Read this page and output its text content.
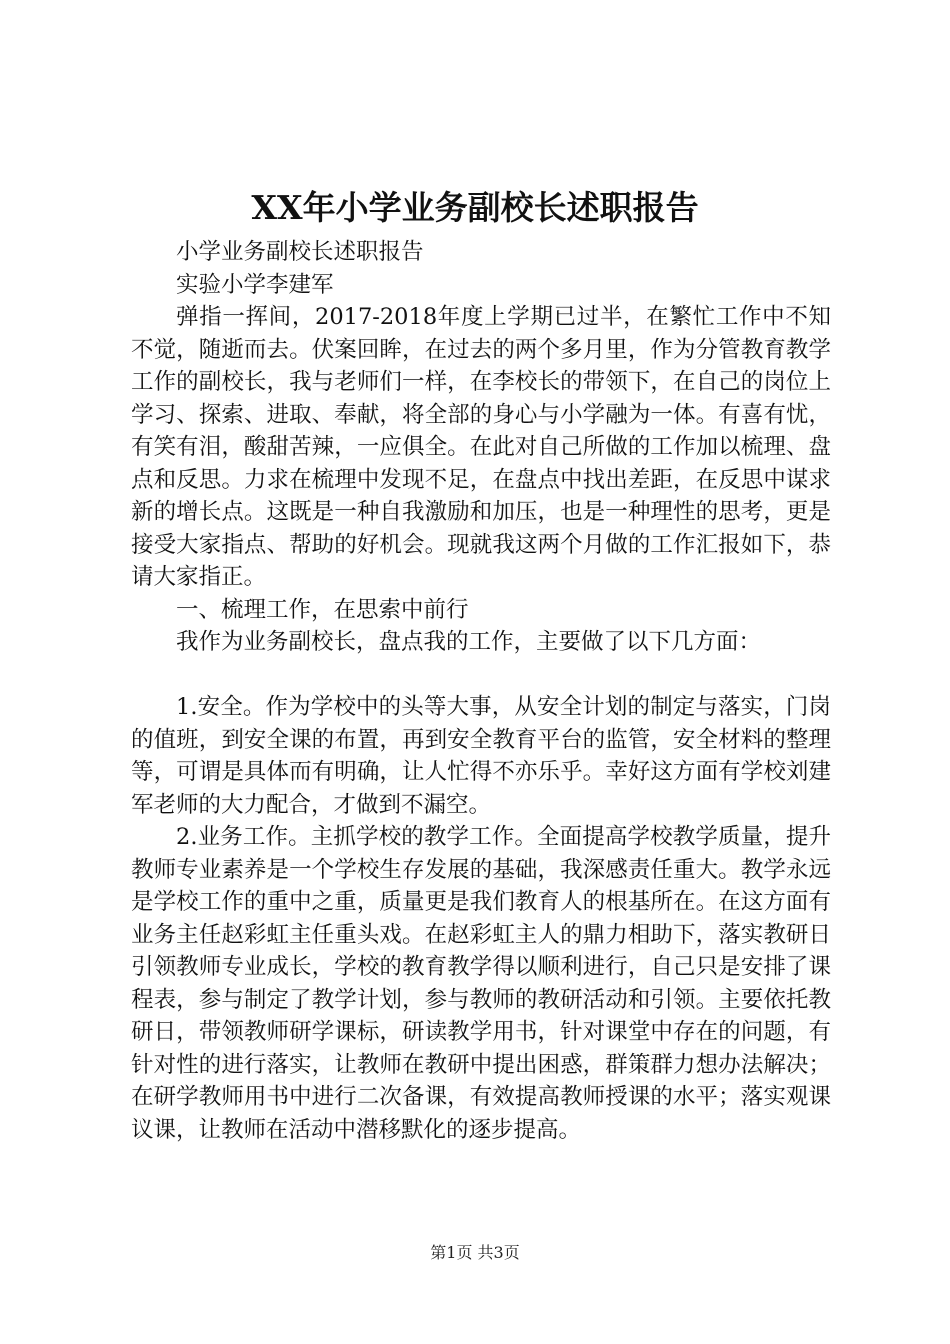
XX年小学业务副校长述职报告

小学业务副校长述职报告

实验小学李建军

弹指一挥间，2017-2018年度上学期已过半，在繁忙工作中不知不觉，随逝而去。伏案回眸，在过去的两个多月里，作为分管教育教学工作的副校长，我与老师们一样，在李校长的带领下，在自己的岗位上学习、探索、进取、奉献，将全部的身心与小学融为一体。有喜有忧，有笑有泪，酸甜苦辣，一应俱全。在此对自己所做的工作加以梳理、盘点和反思。力求在梳理中发现不足，在盘点中找出差距，在反思中谋求新的增长点。这既是一种自我激励和加压，也是一种理性的思考，更是接受大家指点、帮助的好机会。现就我这两个月做的工作汇报如下，恭请大家指正。

一、梳理工作，在思索中前行

我作为业务副校长，盘点我的工作，主要做了以下几方面：

1.安全。作为学校中的头等大事，从安全计划的制定与落实，门岗的值班，到安全课的布置，再到安全教育平台的监管，安全材料的整理等，可谓是具体而有明确，让人忙得不亦乐乎。幸好这方面有学校刘建军老师的大力配合，才做到不漏空。

2.业务工作。主抓学校的教学工作。全面提高学校教学质量，提升教师专业素养是一个学校生存发展的基础，我深感责任重大。教学永远是学校工作的重中之重，质量更是我们教育人的根基所在。在这方面有业务主任赵彩虹主任重头戏。在赵彩虹主人的鼎力相助下，落实教研日引领教师专业成长，学校的教育教学得以顺利进行，自己只是安排了课程表，参与制定了教学计划，参与教师的教研活动和引领。主要依托教研日，带领教师研学课标，研读教学用书，针对课堂中存在的问题，有针对性的进行落实，让教师在教研中提出困惑，群策群力想办法解决；在研学教师用书中进行二次备课，有效提高教师授课的水平；落实观课议课，让教师在活动中潜移默化的逐步提高。

第1页 共3页
